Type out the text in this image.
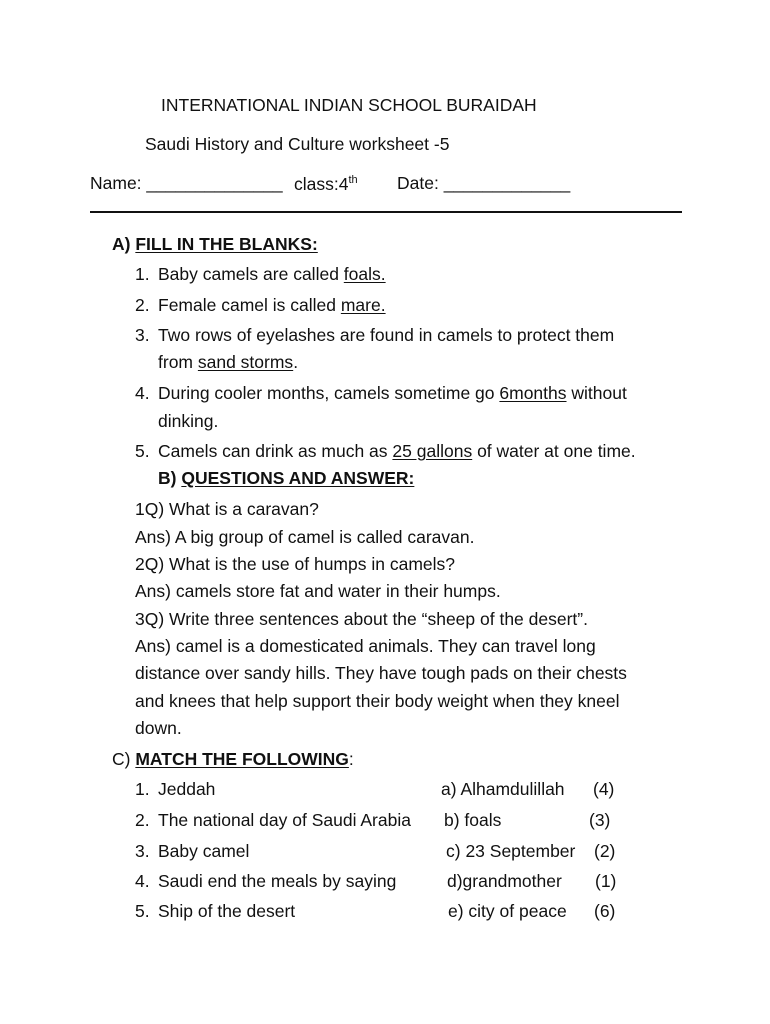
INTERNATIONAL INDIAN SCHOOL BURAIDAH
Saudi History and Culture worksheet -5
Name: ______________ class:4th Date: _____________
A) FILL IN THE BLANKS:
1. Baby camels are called foals.
2. Female camel is called mare.
3. Two rows of eyelashes are found in camels to protect them
from sand storms.
4. During cooler months, camels sometime go 6months without
dinking.
5. Camels can drink as much as 25 gallons of water at one time.
B) QUESTIONS AND ANSWER:
1Q) What is a caravan?
Ans) A big group of camel is called caravan.
2Q) What is the use of humps in camels?
Ans) camels store fat and water in their humps.
3Q) Write three sentences about the “sheep of the desert”.
Ans) camel is a domesticated animals. They can travel long
distance over sandy hills. They have tough pads on their chests
and knees that help support their body weight when they kneel
down.
C) MATCH THE FOLLOWING:
1. Jeddah	a) Alhamdulillah (4)
2. The national day of Saudi Arabia b) foals	(3)
3. Baby camel	c) 23 September (2)
4. Saudi end the meals by saying	d)grandmother (1)
5. Ship of the desert	e) city of peace (6)
